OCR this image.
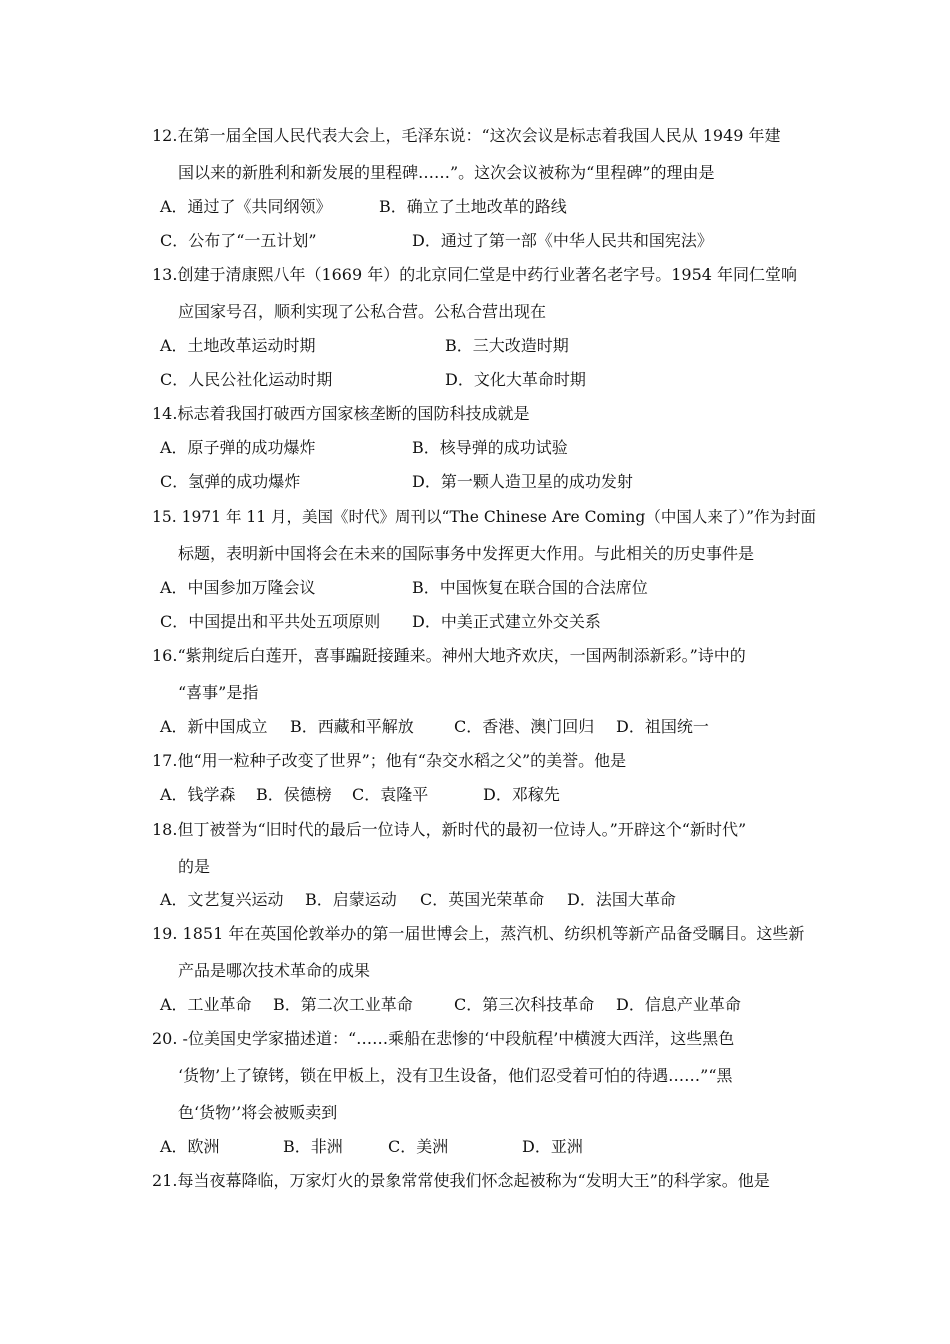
12.在第一届全国人民代表大会上，毛泽东说：“这次会议是标志着我国人民从 1949 年建
国以来的新胜利和新发展的里程碑……”。这次会议被称为“里程碑”的理由是
A．通过了《共同纲领》	B．确立了土地改革的路线
C．公布了“一五计划”	D．通过了第一部《中华人民共和国宪法》
13.创建于清康熙八年（1669 年）的北京同仁堂是中药行业著名老字号。1954 年同仁堂响
应国家号召，顺利实现了公私合营。公私合营出现在
A．土地改革运动时期	B．三大改造时期
C．人民公社化运动时期	D．文化大革命时期
14.标志着我国打破西方国家核垄断的国防科技成就是
A．原子弹的成功爆炸	B．核导弹的成功试验
C．氢弹的成功爆炸	D．第一颗人造卫星的成功发射
15. 1971 年 11 月，美国《时代》周刊以“The Chinese Are Coming（中国人来了）”作为封面
标题，表明新中国将会在未来的国际事务中发挥更大作用。与此相关的历史事件是
A．中国参加万隆会议	B．中国恢复在联合国的合法席位
C．中国提出和平共处五项原则 D．中美正式建立外交关系
16.“紫荆绽后白莲开，喜事蹁跹接踵来。神州大地齐欢庆，一国两制添新彩。”诗中的
“喜事”是指
A．新中国成立 B．西藏和平解放	C．香港、澳门回归 D．祖国统一
17.他“用一粒种子改变了世界”；他有“杂交水稻之父”的美誉。他是
A．钱学森 B．侯德榜 C．袁隆平	D．邓稼先
18.但丁被誉为“旧时代的最后一位诗人，新时代的最初一位诗人。”开辟这个“新时代”
的是
A．文艺复兴运动 B．启蒙运动 C．英国光荣革命 D．法国大革命
19. 1851 年在英国伦敦举办的第一届世博会上，蒸汽机、纺织机等新产品备受瞩目。这些新
产品是哪次技术革命的成果
A．工业革命 B．第二次工业革命	C．第三次科技革命 D．信息产业革命
20. -位美国史学家描述道：“……乘船在悲惨的‘中段航程’中横渡大西洋，这些黑色
‘货物’上了镣铐，锁在甲板上，没有卫生设备，他们忍受着可怕的待遇……”“黑
色‘货物’’将会被贩卖到
A．欧洲	B．非洲	C．美洲	D．亚洲
21.每当夜幕降临，万家灯火的景象常常使我们怀念起被称为“发明大王”的科学家。他是
